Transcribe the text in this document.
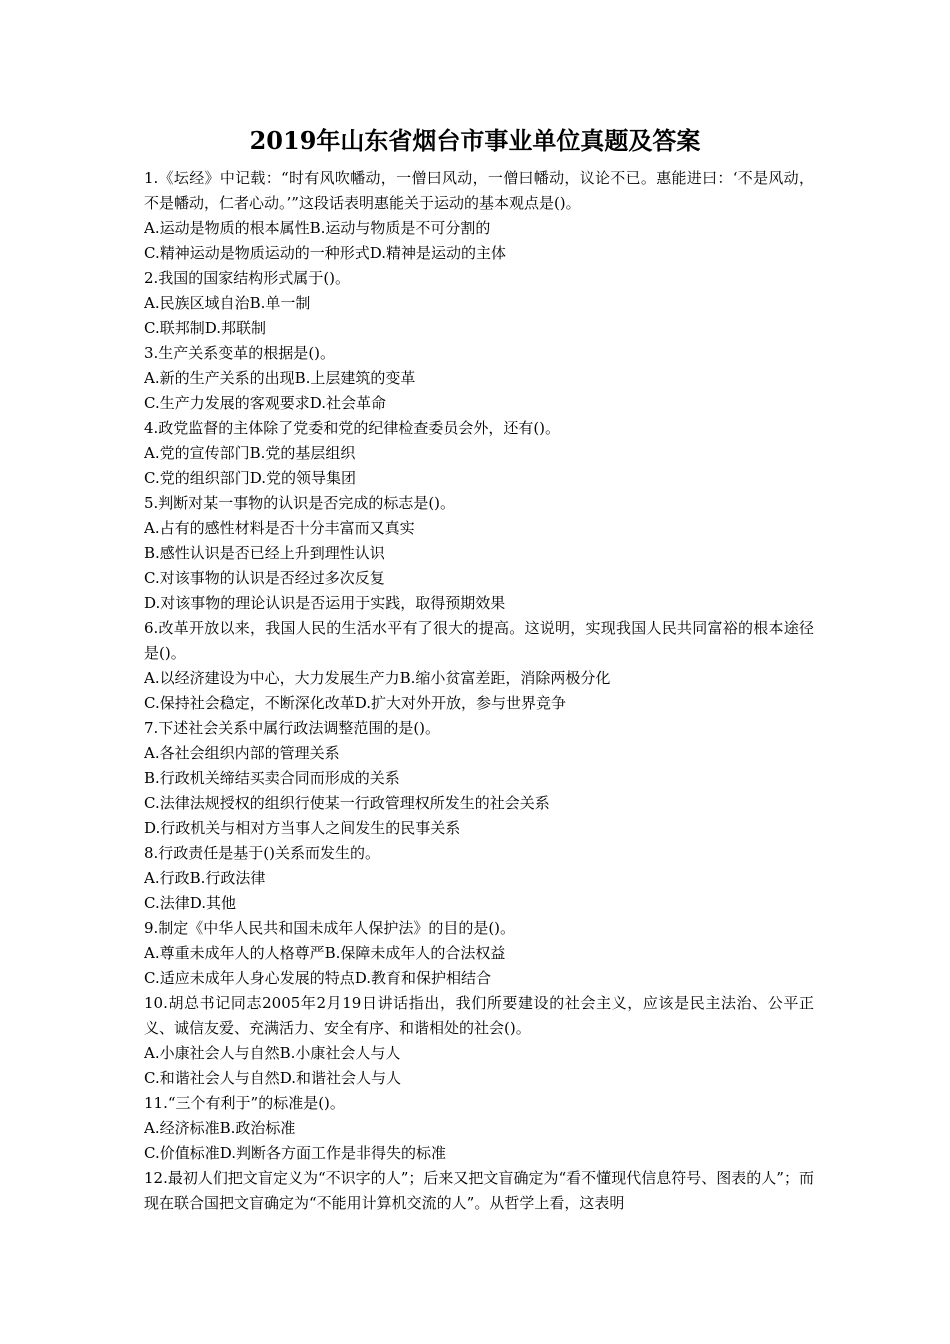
2019年山东省烟台市事业单位真题及答案
1.《坛经》中记载：“时有风吹幡动，一僧曰风动，一僧曰幡动，议论不已。惠能进曰：‘不是风动，不是幡动，仁者心动。’”这段话表明惠能关于运动的基本观点是()。
A.运动是物质的根本属性B.运动与物质是不可分割的
C.精神运动是物质运动的一种形式D.精神是运动的主体
2.我国的国家结构形式属于()。
A.民族区域自治B.单一制
C.联邦制D.邦联制
3.生产关系变革的根据是()。
A.新的生产关系的出现B.上层建筑的变革
C.生产力发展的客观要求D.社会革命
4.政党监督的主体除了党委和党的纪律检查委员会外，还有()。
A.党的宣传部门B.党的基层组织
C.党的组织部门D.党的领导集团
5.判断对某一事物的认识是否完成的标志是()。
A.占有的感性材料是否十分丰富而又真实
B.感性认识是否已经上升到理性认识
C.对该事物的认识是否经过多次反复
D.对该事物的理论认识是否运用于实践，取得预期效果
6.改革开放以来，我国人民的生活水平有了很大的提高。这说明，实现我国人民共同富裕的根本途径是()。
A.以经济建设为中心，大力发展生产力B.缩小贫富差距，消除两极分化
C.保持社会稳定，不断深化改革D.扩大对外开放，参与世界竞争
7.下述社会关系中属行政法调整范围的是()。
A.各社会组织内部的管理关系
B.行政机关缔结买卖合同而形成的关系
C.法律法规授权的组织行使某一行政管理权所发生的社会关系
D.行政机关与相对方当事人之间发生的民事关系
8.行政责任是基于()关系而发生的。
A.行政B.行政法律
C.法律D.其他
9.制定《中华人民共和国未成年人保护法》的目的是()。
A.尊重未成年人的人格尊严B.保障未成年人的合法权益
C.适应未成年人身心发展的特点D.教育和保护相结合
10.胡总书记同志2005年2月19日讲话指出，我们所要建设的社会主义，应该是民主法治、公平正义、诚信友爱、充满活力、安全有序、和谐相处的社会()。
A.小康社会人与自然B.小康社会人与人
C.和谐社会人与自然D.和谐社会人与人
11.“三个有利于”的标准是()。
A.经济标准B.政治标准
C.价值标准D.判断各方面工作是非得失的标准
12.最初人们把文盲定义为“不识字的人”；后来又把文盲确定为“看不懂现代信息符号、图表的人”；而现在联合国把文盲确定为“不能用计算机交流的人”。从哲学上看，这表明
